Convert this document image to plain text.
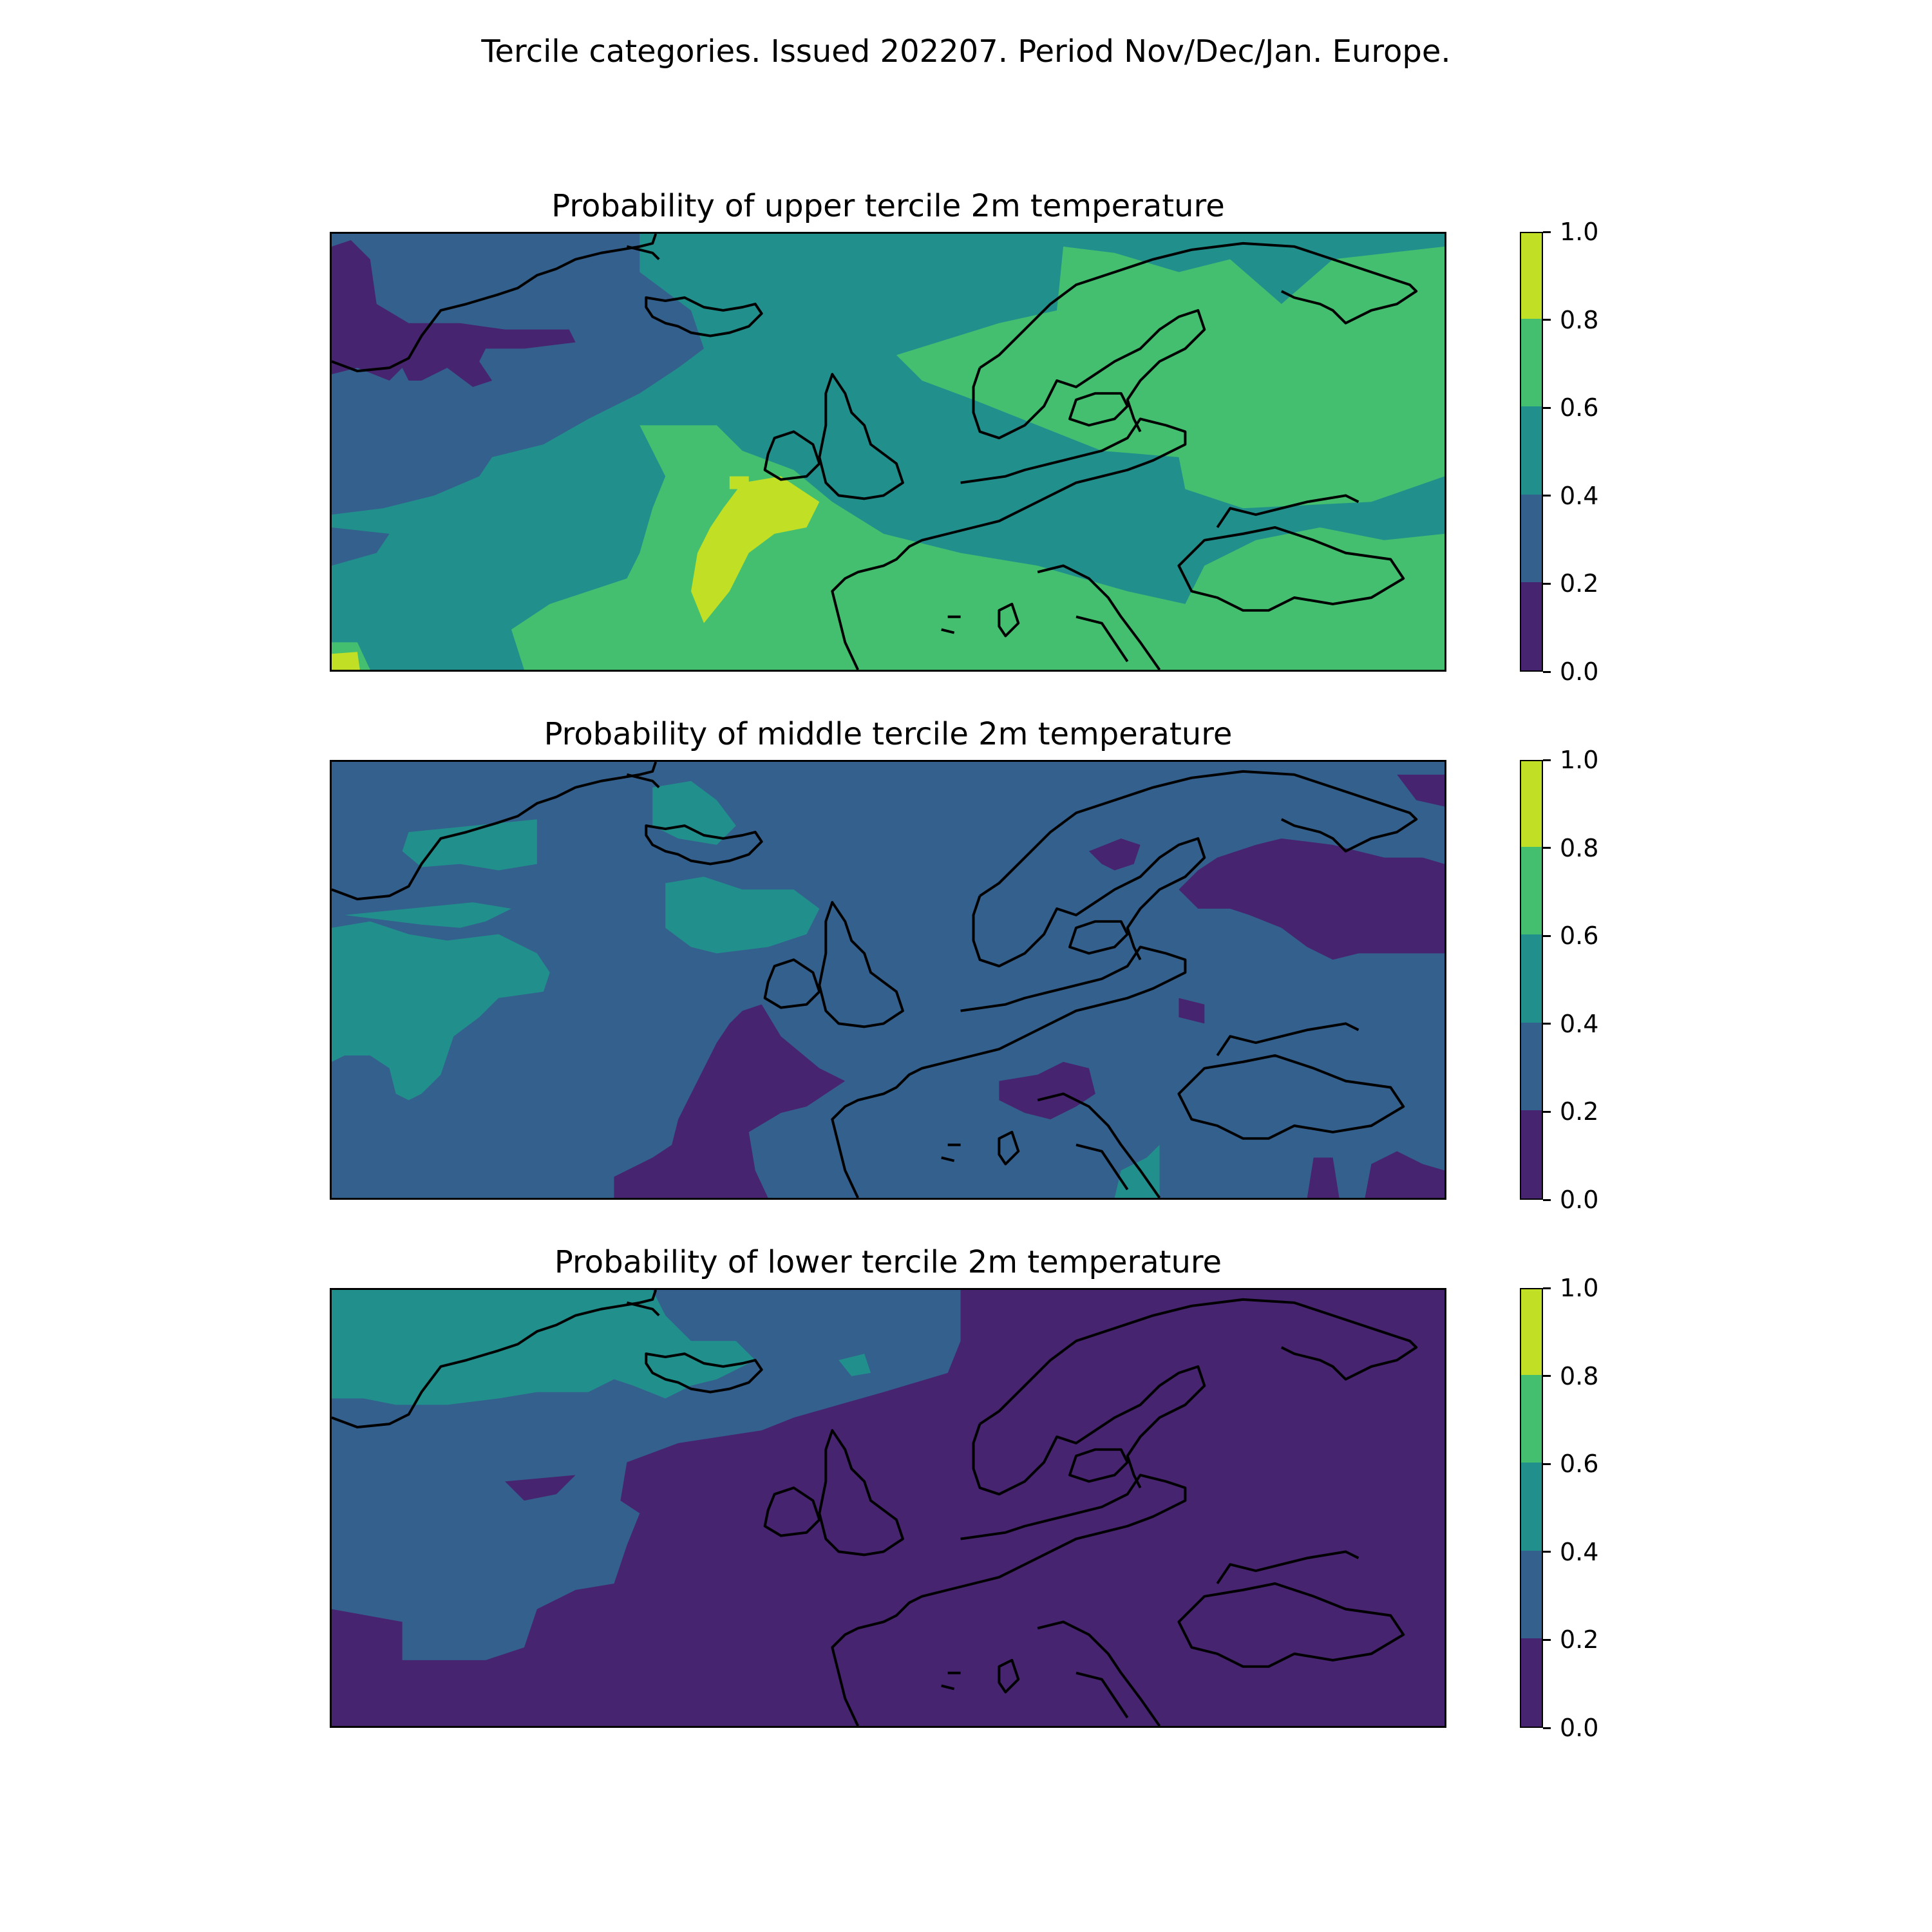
Tercile categories. Issued 202207. Period Nov/Dec/Jan. Europe.
Probability of upper tercile 2m temperature
Probability of middle tercile 2m temperature
Probability of lower tercile 2m temperature
0.0
0.2
0.4
0.6
0.8
1.0
0.0
0.2
0.4
0.6
0.8
1.0
0.0
0.2
0.4
0.6
0.8
1.0
